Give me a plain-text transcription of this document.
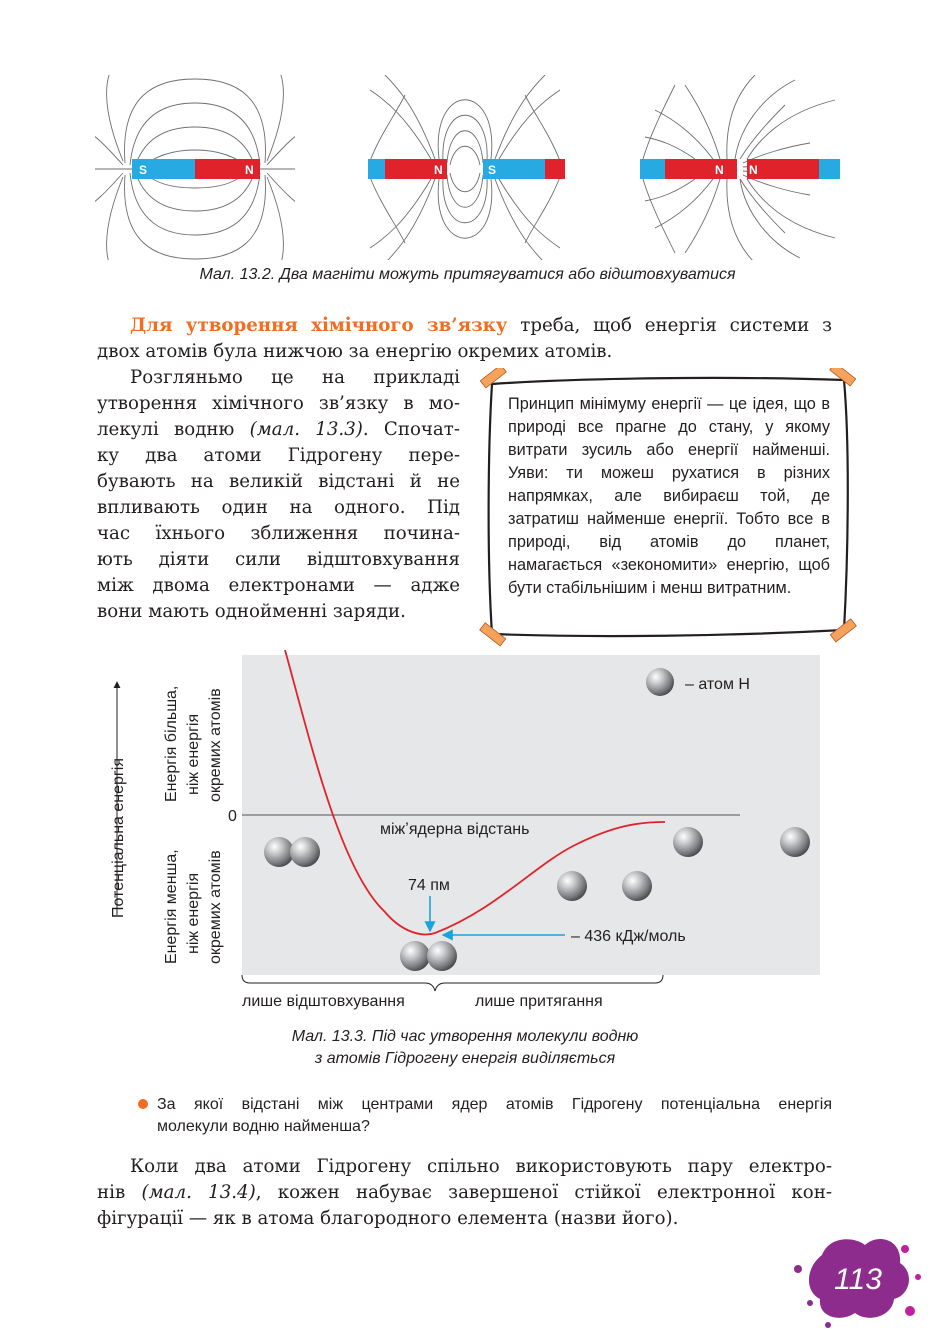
S	N	N	S	N N
Мал. 13.2. Два магніти можуть притягуватися або відштовхуватися

Для утворення хімічного зв’язку треба, щоб енергія системи з

двох атомів була нижчою за енергію окремих атомів.

Розгляньмо це на прикладі

утворення хімічного зв’язку в мо-

лекулі водню (мал. 13.3). Спочат-

ку два атоми Гідрогену пере-

бувають на великій відстані й не

впливають один на одного. Під

час їхнього зближення почина-

ють діяти сили відштовхування

між двома електронами — адже

вони мають однойменні заряди.

Принцип мінімуму енергії — це ідея, що в природі все прагне до стану, у якому витрати зусиль або енергії найменші. Уяви: ти можеш рухатися в різних напрямках, але вибираєш той, де затратиш найменше енергії. Тобто все в природі, від атомів до планет, намагається «зекономити» енергію, щоб бути стабільнішим і менш витратним.
Потенціальна енергія
Енергія більша, ніж енергія окремих атомів
Енергія менша, ніж енергія окремих атомів
0
міжʼядерна відстань
74 пм
– 436 кДж/моль
– атом Н
лише відштовхування	лише притягання
Мал. 13.3. Під час утворення молекули водню
з атомів Гідрогену енергія виділяється
За якої відстані між центрами ядер атомів Гідрогену потенціальна енергія
молекули водню найменша?

Коли два атоми Гідрогену спільно використовують пару електро-

нів (мал. 13.4), кожен набуває завершеної стійкої електронної кон-

фігурації — як в атома благородного елемента (назви його).

113
